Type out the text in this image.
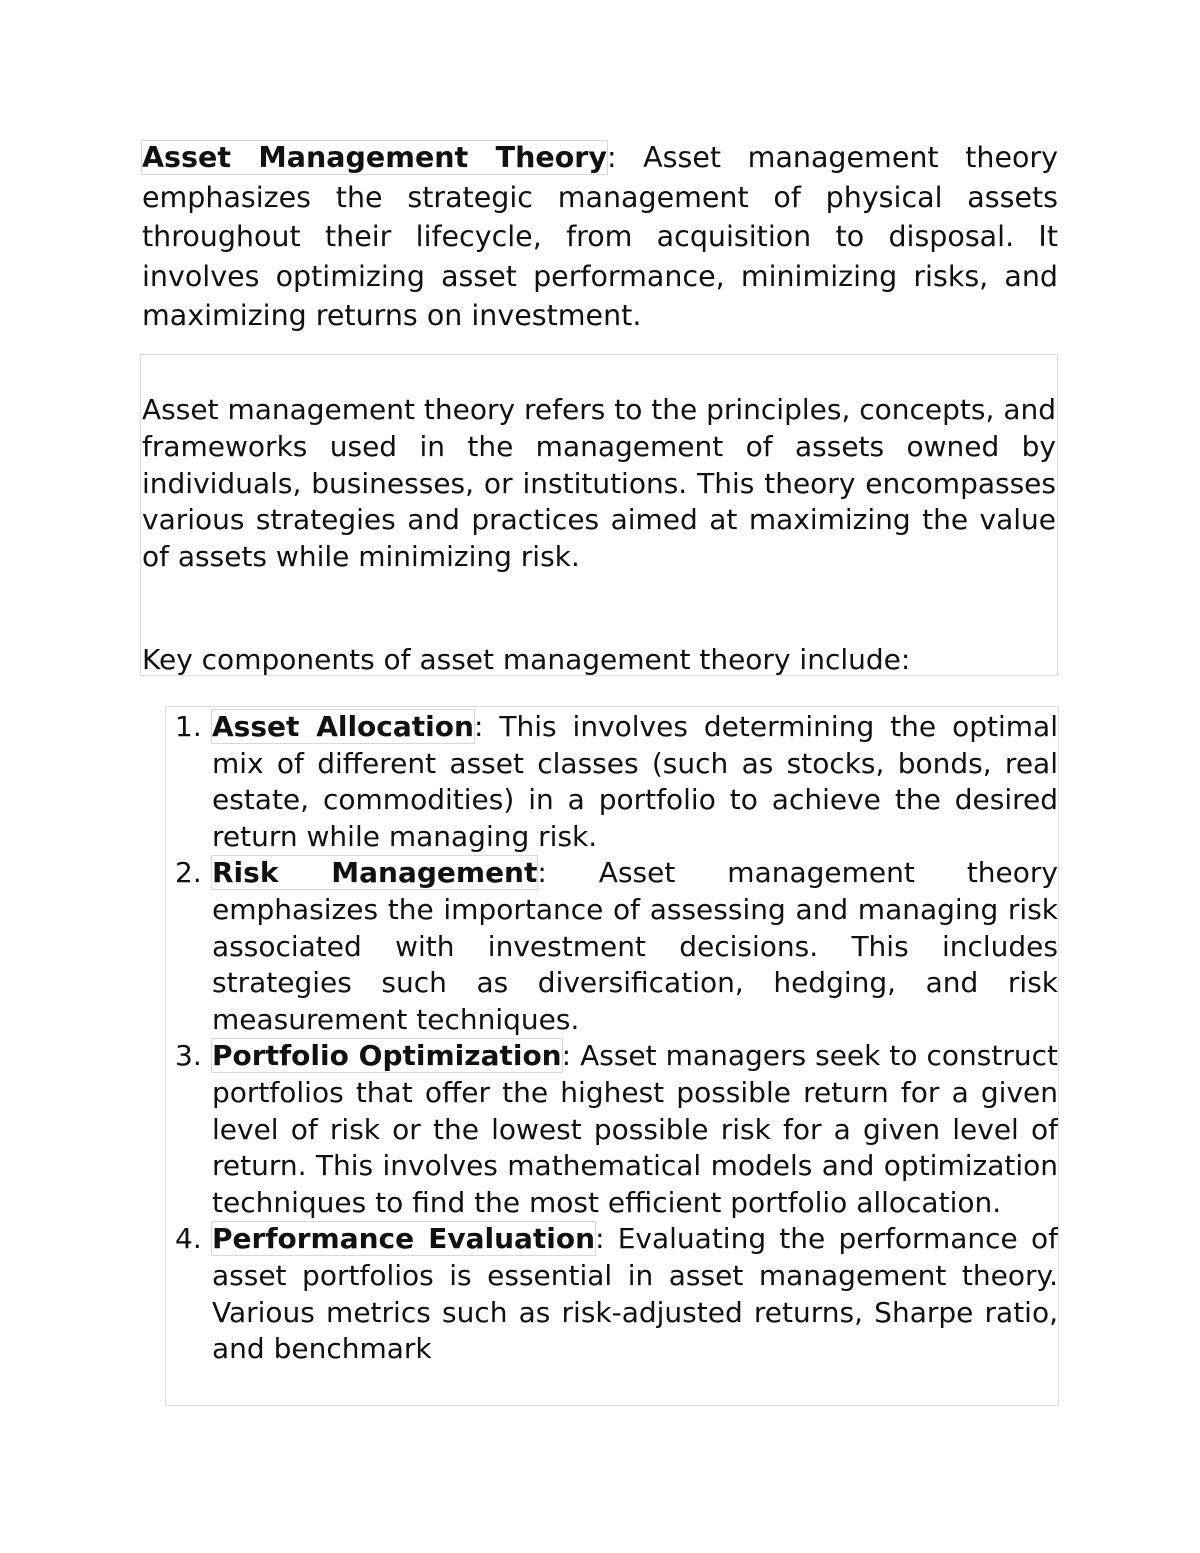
Asset Management Theory: Asset management theory emphasizes the strategic management of physical assets throughout their lifecycle, from acquisition to disposal. It involves optimizing asset performance, minimizing risks, and maximizing returns on investment.

Asset management theory refers to the principles, concepts, and frameworks used in the management of assets owned by individuals, businesses, or institutions. This theory encompasses various strategies and practices aimed at maximizing the value of assets while minimizing risk.

Key components of asset management theory include:

1. Asset Allocation: This involves determining the optimal mix of different asset classes (such as stocks, bonds, real estate, commodities) in a portfolio to achieve the desired return while managing risk.
2. Risk Management: Asset management theory emphasizes the importance of assessing and managing risk associated with investment decisions. This includes strategies such as diversification, hedging, and risk measurement techniques.
3. Portfolio Optimization: Asset managers seek to construct portfolios that offer the highest possible return for a given level of risk or the lowest possible risk for a given level of return. This involves mathematical models and optimization techniques to find the most efficient portfolio allocation.
4. Performance Evaluation: Evaluating the performance of asset portfolios is essential in asset management theory. Various metrics such as risk-adjusted returns, Sharpe ratio, and benchmark
